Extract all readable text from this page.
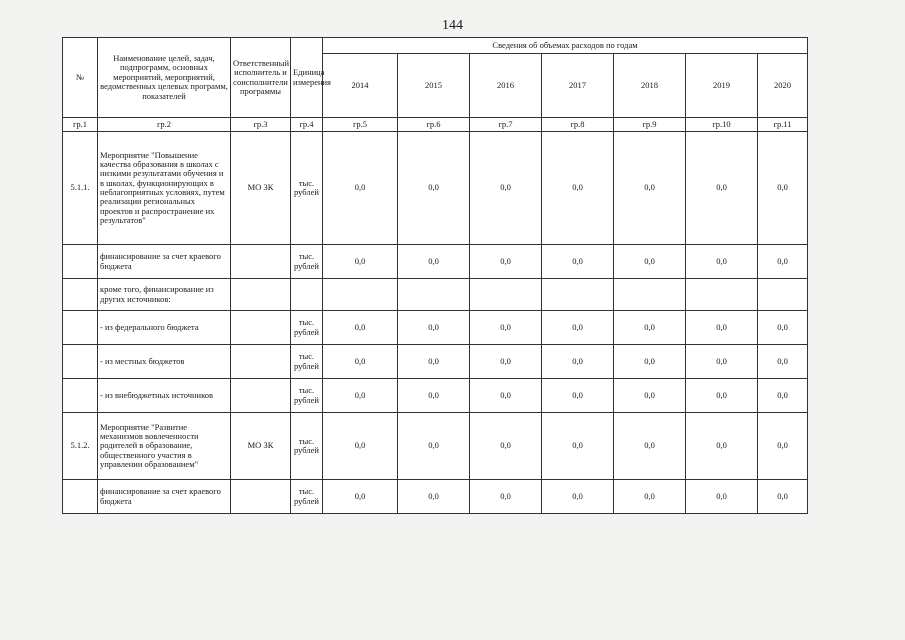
144
№	Наименование целей, задач, подпрограмм, основных мероприятий, мероприятий, ведомственных целевых программ, показателей	Ответственный исполнитель и соисполнители программы	Единица измерения	Сведения об объемах расходов по годам						
				2014	2015	2016	2017	2018	2019	2020
гр.1	гр.2	гр.3	гр.4	гр.5	гр.6	гр.7	гр.8	гр.9	гр.10	гр.11
5.1.1.	Мероприятие "Повышение качества образования в школах с низкими результатами обучения и в школах, функционирующих в неблагоприятных условиях, путем реализации региональных проектов и распространение их результатов"	МО ЗК	тыс. рублей	0,0	0,0	0,0	0,0	0,0	0,0	0,0
	финансирование за счет краевого бюджета		тыс. рублей	0,0	0,0	0,0	0,0	0,0	0,0	0,0
	кроме того, финансирование из других источников:									
	- из федерального бюджета		тыс. рублей	0,0	0,0	0,0	0,0	0,0	0,0	0,0
	- из местных бюджетов		тыс. рублей	0,0	0,0	0,0	0,0	0,0	0,0	0,0
	- из внебюджетных источников		тыс. рублей	0,0	0,0	0,0	0,0	0,0	0,0	0,0
5.1.2.	Мероприятие "Развитие механизмов вовлеченности родителей в образование, общественного участия в управлении образованием"	МО ЗК	тыс. рублей	0,0	0,0	0,0	0,0	0,0	0,0	0,0
	финансирование за счет краевого бюджета		тыс. рублей	0,0	0,0	0,0	0,0	0,0	0,0	0,0
